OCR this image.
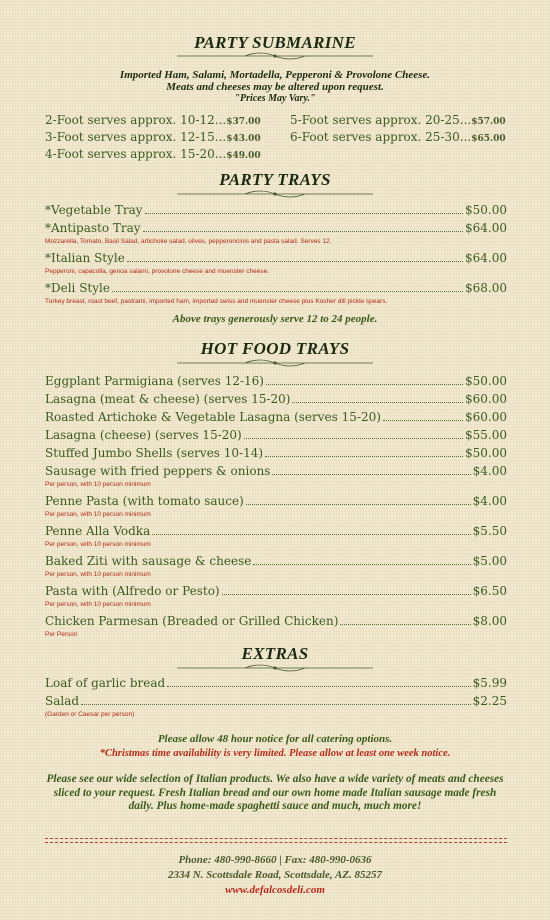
PARTY SUBMARINE
Imported Ham, Salami, Mortadella, Pepperoni & Provolone Cheese.
Meats and cheeses may be altered upon request.
"Prices May Vary."
2-Foot serves approx. 10-12...$37.00
3-Foot serves approx. 12-15...$43.00
4-Foot serves approx. 15-20...$49.00
5-Foot serves approx. 20-25...$57.00
6-Foot serves approx. 25-30...$65.00
PARTY TRAYS
*Vegetable Tray	$50.00
*Antipasto Tray	$64.00
Mozzarella, Tomato, Basil Salad, artichoke salad, olives, pepperoncinis and pasta salad. Serves 12.
*Italian Style	$64.00
Pepperoni, capacolla, genoa salami, provolone cheese and muenster cheese.
*Deli Style	$68.00
Turkey breast, roast beef, pastrami, imported ham, imported swiss and muenster cheese plus Kosher dill pickle spears.
Above trays generously serve 12 to 24 people.
HOT FOOD TRAYS
Eggplant Parmigiana (serves 12-16)	$50.00
Lasagna (meat & cheese) (serves 15-20)	$60.00
Roasted Artichoke & Vegetable Lasagna (serves 15-20)	$60.00
Lasagna (cheese) (serves 15-20)	$55.00
Stuffed Jumbo Shells (serves 10-14)	$50.00
Sausage with fried peppers & onions	$4.00
Per person, with 10 person minimum
Penne Pasta (with tomato sauce)	$4.00
Per person, with 10 person minimum
Penne Alla Vodka	$5.50
Per person, with 10 person minimum
Baked Ziti with sausage & cheese	$5.00
Per person, with 10 person minimum
Pasta with (Alfredo or Pesto)	$6.50
Per person, with 10 person minimum
Chicken Parmesan (Breaded or Grilled Chicken)	$8.00
Per Person
EXTRAS
Loaf of garlic bread	$5.99
Salad	$2.25
(Garden or Caesar per person)
Please allow 48 hour notice for all catering options.
*Christmas time availability is very limited. Please allow at least one week notice.
Please see our wide selection of Italian products. We also have a wide variety of meats and cheeses sliced to your request. Fresh Italian bread and our own home made Italian sausage made fresh daily. Plus home-made spaghetti sauce and much, much more!
Phone: 480-990-8660 | Fax: 480-990-0636
2334 N. Scottsdale Road, Scottsdale, AZ. 85257
www.defalcosdeli.com
